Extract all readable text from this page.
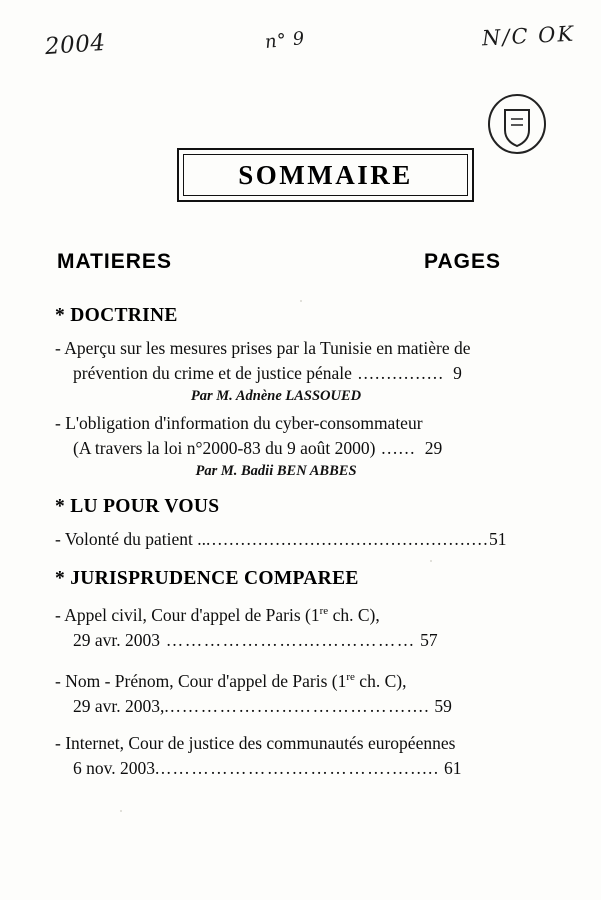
2004	n° 9	N/C OK
SOMMAIRE
MATIERES	PAGES
* DOCTRINE
- Aperçu sur les mesures prises par la Tunisie en matière de
prévention du crime et de justice pénale ............... 9
Par M. Adnène LASSOUED
- L'obligation d'information du cyber-consommateur
(A travers la loi n°2000-83 du 9 août 2000) ...... 29
Par M. Badii BEN ABBES
* LU POUR VOUS
- Volonté du patient ...................................................51
* JURISPRUDENCE COMPAREE
- Appel civil, Cour d'appel de Paris (1re ch. C),
29 avr. 2003 …………………....…………… 57
- Nom - Prénom, Cour d'appel de Paris (1re ch. C),
29 avr. 2003,...………….…..……………….... 59
- Internet, Cour de justice des communautés européennes
6 nov. 2003...……………….…………….…..... 61
